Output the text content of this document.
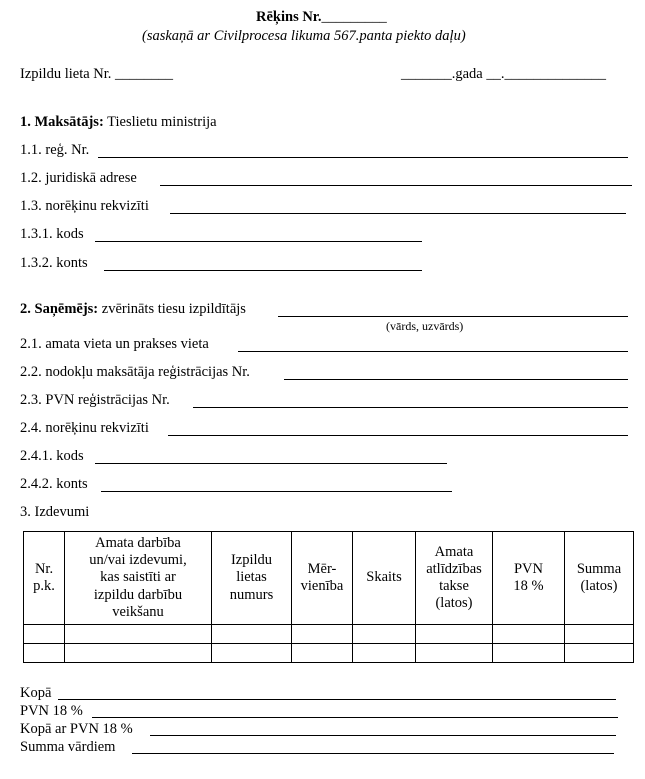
Rēķins Nr._________
(saskaņā ar Civilprocesa likuma 567.panta piekto daļu)
Izpildu lieta Nr. ________	_______.gada __.______________
1. Maksātājs: Tieslietu ministrija
1.1. reģ. Nr.
1.2. juridiskā adrese
1.3. norēķinu rekvizīti
1.3.1. kods
1.3.2. konts
2. Saņēmējs: zvērināts tiesu izpildītājs
(vārds, uzvārds)
2.1. amata vieta un prakses vieta
2.2. nodokļu maksātāja reģistrācijas Nr.
2.3. PVN reģistrācijas Nr.
2.4. norēķinu rekvizīti
2.4.1. kods
2.4.2. konts
3. Izdevumi
Nr.
p.k.	Amata darbība
un/vai izdevumi,
kas saistīti ar
izpildu darbību
veikšanu	Izpildu
lietas
numurs	Mēr-
vienība	Skaits	Amata
atlīdzības
takse
(latos)	PVN
18 %	Summa
(latos)

Kopā
PVN 18 %
Kopā ar PVN 18 %
Summa vārdiem
